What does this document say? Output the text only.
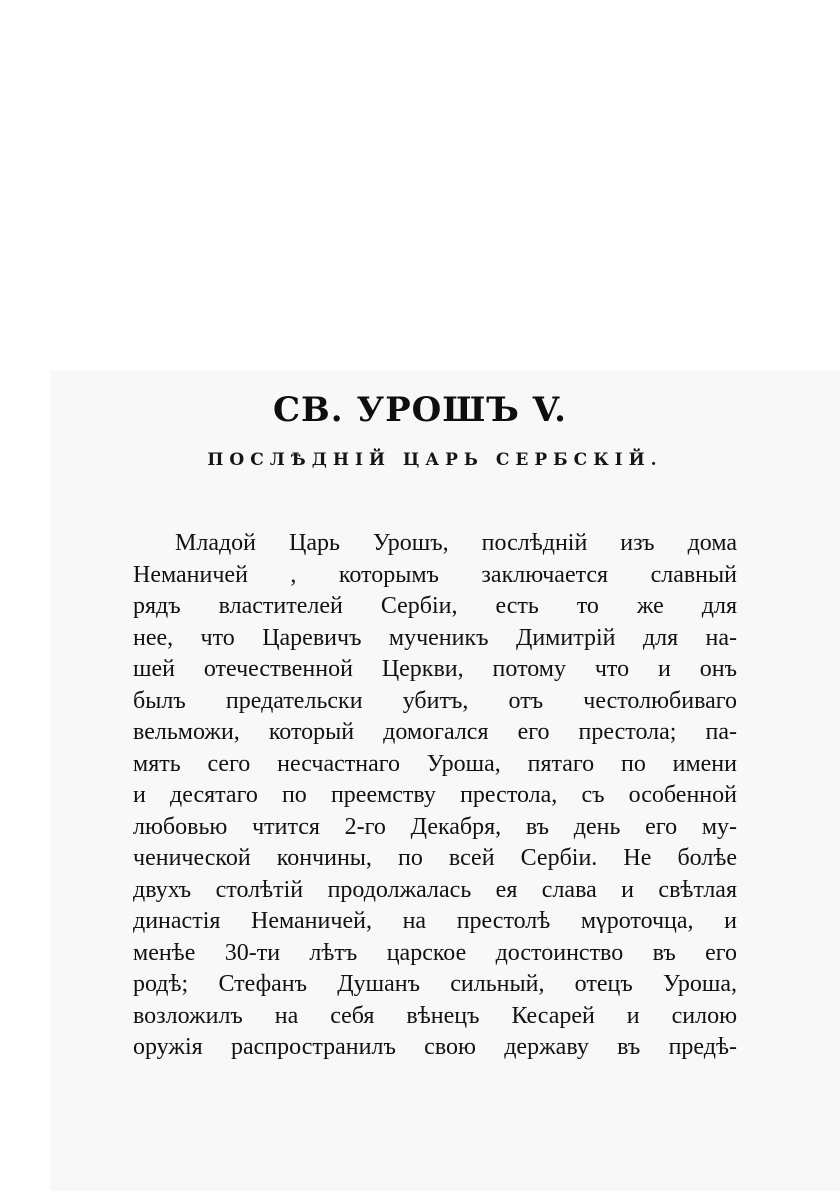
СВ. УРОШЪ V.
ПОСЛѢДНІЙ ЦАРЬ СЕРБСКІЙ.
Младой Царь Урошъ, послѣдній изъ дома
Неманичей , которымъ заключается славный
рядъ властителей Сербіи, есть то же для
нее, что Царевичъ мученикъ Димитрій для на-
шей отечественной Церкви, потому что и онъ
былъ предательски убитъ, отъ честолюбиваго
вельможи, который домогался его престола; па-
мять сего несчастнаго Уроша, пятаго по имени
и десятаго по преемству престола, съ особенной
любовью чтится 2-го Декабря, въ день его му-
ченической кончины, по всей Сербіи. Не болѣе
двухъ столѣтій продолжалась ея слава и свѣтлая
династія Неманичей, на престолѣ мγроточца, и
менѣе 30-ти лѣтъ царское достоинство въ его
родѣ; Стефанъ Душанъ сильный, отецъ Уроша,
возложилъ на себя вѣнецъ Кесарей и силою
оружія распространилъ свою державу въ предѣ-
